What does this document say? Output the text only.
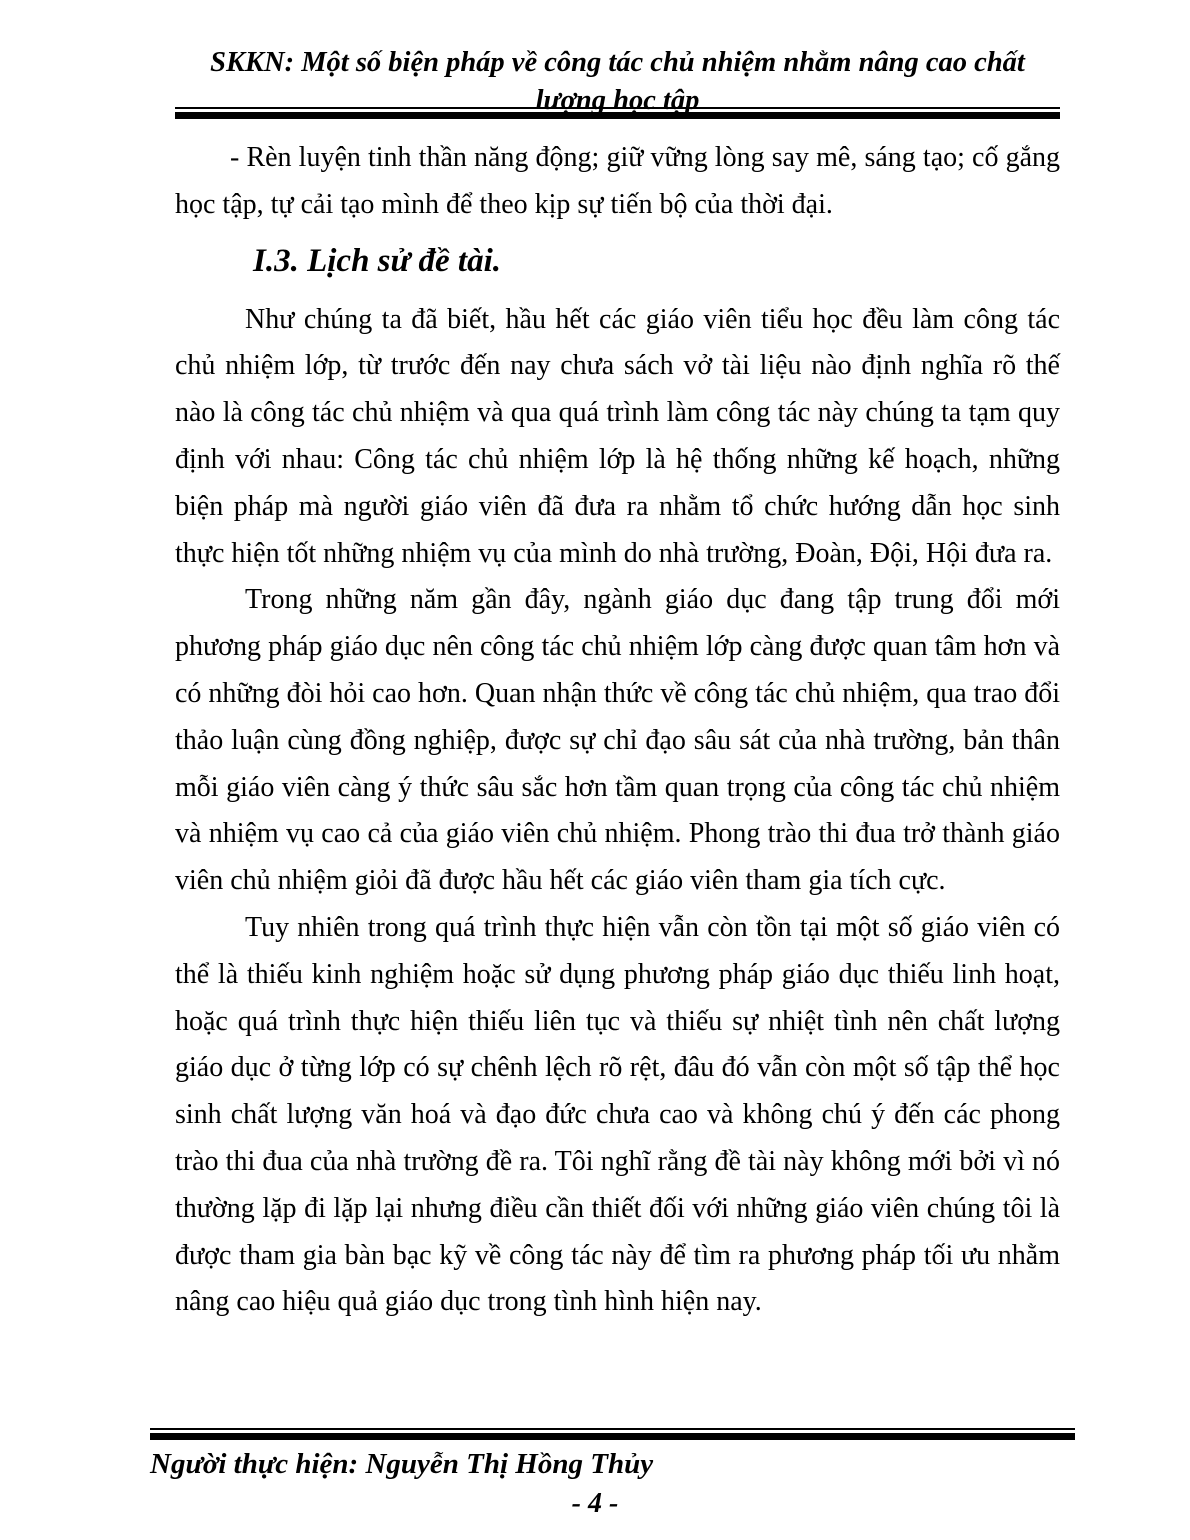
SKKN: Một số biện pháp về công tác chủ nhiệm nhằm nâng cao chất lượng học tập

- Rèn luyện tinh thần năng động; giữ vững lòng say mê, sáng tạo; cố gắng học tập, tự cải tạo mình để theo kịp sự tiến bộ của thời đại.

I.3. Lịch sử đề tài.

Như chúng ta đã biết, hầu hết các giáo viên tiểu học đều làm công tác chủ nhiệm lớp, từ trước đến nay chưa sách vở tài liệu nào định nghĩa rõ thế nào là công tác chủ nhiệm và qua quá trình làm công tác này chúng ta tạm quy định với nhau: Công tác chủ nhiệm lớp là hệ thống những kế hoạch, những biện pháp mà người giáo viên đã đưa ra nhằm tổ chức hướng dẫn học sinh thực hiện tốt những nhiệm vụ của mình do nhà trường, Đoàn, Đội, Hội đưa ra.

Trong những năm gần đây, ngành giáo dục đang tập trung đổi mới phương pháp giáo dục nên công tác chủ nhiệm lớp càng được quan tâm hơn và có những đòi hỏi cao hơn. Quan nhận thức về công tác chủ nhiệm, qua trao đổi thảo luận cùng đồng nghiệp, được sự chỉ đạo sâu sát của nhà trường, bản thân mỗi giáo viên càng ý thức sâu sắc hơn tầm quan trọng của công tác chủ nhiệm và nhiệm vụ cao cả của giáo viên chủ nhiệm. Phong trào thi đua trở thành giáo viên chủ nhiệm giỏi đã được hầu hết các giáo viên tham gia tích cực.

Tuy nhiên trong quá trình thực hiện vẫn còn tồn tại một số giáo viên có thể là thiếu kinh nghiệm hoặc sử dụng phương pháp giáo dục thiếu linh hoạt, hoặc quá trình thực hiện thiếu liên tục và thiếu sự nhiệt tình nên chất lượng giáo dục ở từng lớp có sự chênh lệch rõ rệt, đâu đó vẫn còn một số tập thể học sinh chất lượng văn hoá và đạo đức chưa cao và không chú ý đến các phong trào thi đua của nhà trường đề ra. Tôi nghĩ rằng đề tài này không mới bởi vì nó thường lặp đi lặp lại nhưng điều cần thiết đối với những giáo viên chúng tôi là được tham gia bàn bạc kỹ về công tác này để tìm ra phương pháp tối ưu nhằm nâng cao hiệu quả giáo dục trong tình hình hiện nay.

Người thực hiện: Nguyễn Thị Hồng Thủy
- 4 -
